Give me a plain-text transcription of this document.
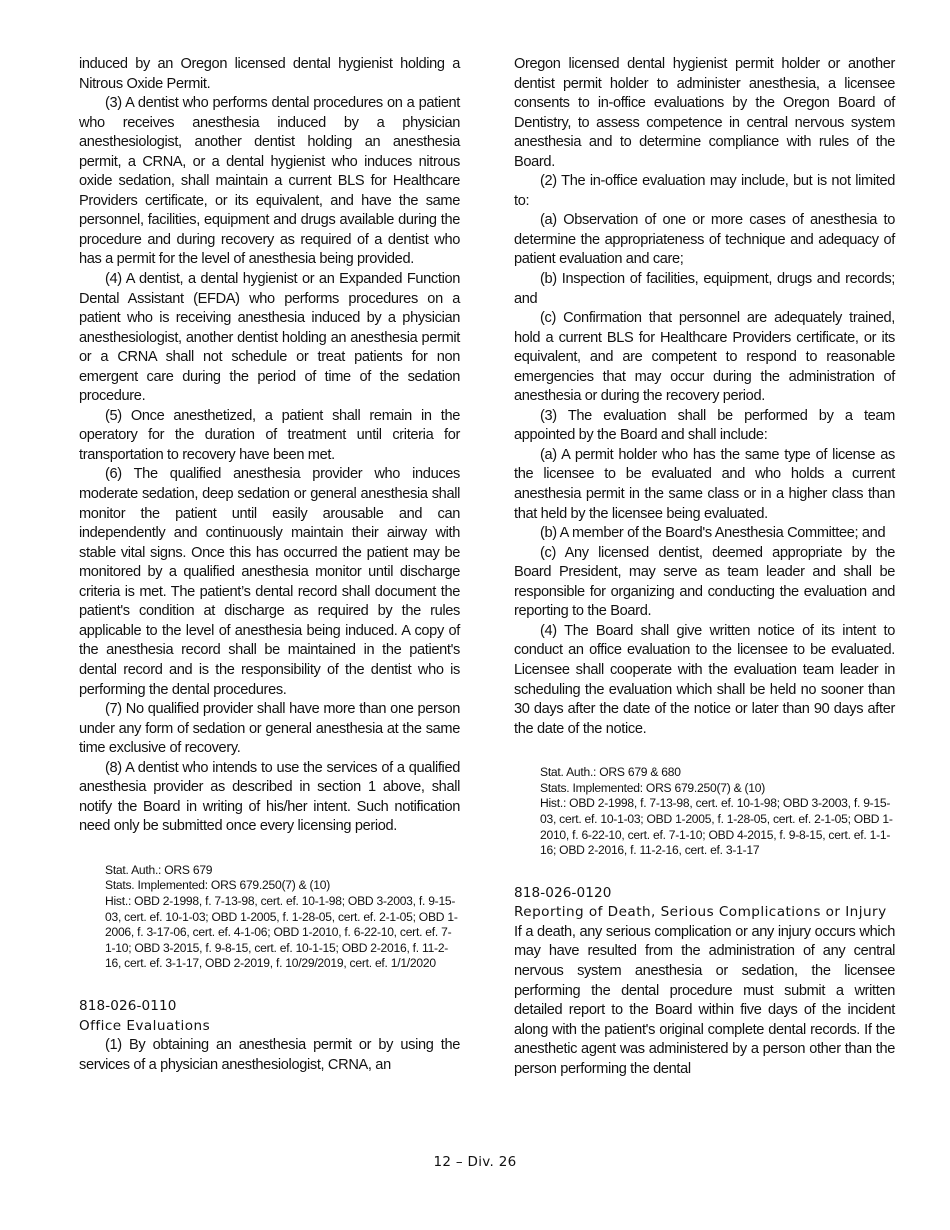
induced by an Oregon licensed dental hygienist holding a Nitrous Oxide Permit.

(3) A dentist who performs dental procedures on a patient who receives anesthesia induced by a physician anesthesiologist, another dentist holding an anesthesia permit, a CRNA, or a dental hygienist who induces nitrous oxide sedation, shall maintain a current BLS for Healthcare Providers certificate, or its equivalent, and have the same personnel, facilities, equipment and drugs available during the procedure and during recovery as required of a dentist who has a permit for the level of anesthesia being provided.

(4) A dentist, a dental hygienist or an Expanded Function Dental Assistant (EFDA) who performs procedures on a patient who is receiving anesthesia induced by a physician anesthesiologist, another dentist holding an anesthesia permit or a CRNA shall not schedule or treat patients for non emergent care during the period of time of the sedation procedure.

(5) Once anesthetized, a patient shall remain in the operatory for the duration of treatment until criteria for transportation to recovery have been met.

(6) The qualified anesthesia provider who induces moderate sedation, deep sedation or general anesthesia shall monitor the patient until easily arousable and can independently and continuously maintain their airway with stable vital signs. Once this has occurred the patient may be monitored by a qualified anesthesia monitor until discharge criteria is met. The patient’s dental record shall document the patient's condition at discharge as required by the rules applicable to the level of anesthesia being induced. A copy of the anesthesia record shall be maintained in the patient's dental record and is the responsibility of the dentist who is performing the dental procedures.

(7) No qualified provider shall have more than one person under any form of sedation or general anesthesia at the same time exclusive of recovery.

(8) A dentist who intends to use the services of a qualified anesthesia provider as described in section 1 above, shall notify the Board in writing of his/her intent. Such notification need only be submitted once every licensing period.

Stat. Auth.: ORS 679
Stats. Implemented: ORS 679.250(7) & (10)
Hist.: OBD 2-1998, f. 7-13-98, cert. ef. 10-1-98; OBD 3-2003, f. 9-15-03, cert. ef. 10-1-03; OBD 1-2005, f. 1-28-05, cert. ef. 2-1-05; OBD 1-2006, f. 3-17-06, cert. ef. 4-1-06; OBD 1-2010, f. 6-22-10, cert. ef. 7-1-10; OBD 3-2015, f. 9-8-15, cert. ef. 10-1-15; OBD 2-2016, f. 11-2-16, cert. ef. 3-1-17, OBD 2-2019, f. 10/29/2019, cert. ef. 1/1/2020
818-026-0110
Office Evaluations

(1) By obtaining an anesthesia permit or by using the services of a physician anesthesiologist, CRNA, an

Oregon licensed dental hygienist permit holder or another dentist permit holder to administer anesthesia, a licensee consents to in-office evaluations by the Oregon Board of Dentistry, to assess competence in central nervous system anesthesia and to determine compliance with rules of the Board.

(2) The in-office evaluation may include, but is not limited to:

(a) Observation of one or more cases of anesthesia to determine the appropriateness of technique and adequacy of patient evaluation and care;

(b) Inspection of facilities, equipment, drugs and records; and

(c) Confirmation that personnel are adequately trained, hold a current BLS for Healthcare Providers certificate, or its equivalent, and are competent to respond to reasonable emergencies that may occur during the administration of anesthesia or during the recovery period.

(3) The evaluation shall be performed by a team appointed by the Board and shall include:

(a) A permit holder who has the same type of license as the licensee to be evaluated and who holds a current anesthesia permit in the same class or in a higher class than that held by the licensee being evaluated.

(b) A member of the Board's Anesthesia Committee; and

(c) Any licensed dentist, deemed appropriate by the Board President, may serve as team leader and shall be responsible for organizing and conducting the evaluation and reporting to the Board.

(4) The Board shall give written notice of its intent to conduct an office evaluation to the licensee to be evaluated. Licensee shall cooperate with the evaluation team leader in scheduling the evaluation which shall be held no sooner than 30 days after the date of the notice or later than 90 days after the date of the notice.

Stat. Auth.: ORS 679 & 680
Stats. Implemented: ORS 679.250(7) & (10)
Hist.: OBD 2-1998, f. 7-13-98, cert. ef. 10-1-98; OBD 3-2003, f. 9-15-03, cert. ef. 10-1-03; OBD 1-2005, f. 1-28-05, cert. ef. 2-1-05; OBD 1-2010, f. 6-22-10, cert. ef. 7-1-10; OBD 4-2015, f. 9-8-15, cert. ef. 1-1-16; OBD 2-2016, f. 11-2-16, cert. ef. 3-1-17
818-026-0120
Reporting of Death, Serious Complications or Injury

If a death, any serious complication or any injury occurs which may have resulted from the administration of any central nervous system anesthesia or sedation, the licensee performing the dental procedure must submit a written detailed report to the Board within five days of the incident along with the patient's original complete dental records. If the anesthetic agent was administered by a person other than the person performing the dental

12 – Div. 26
